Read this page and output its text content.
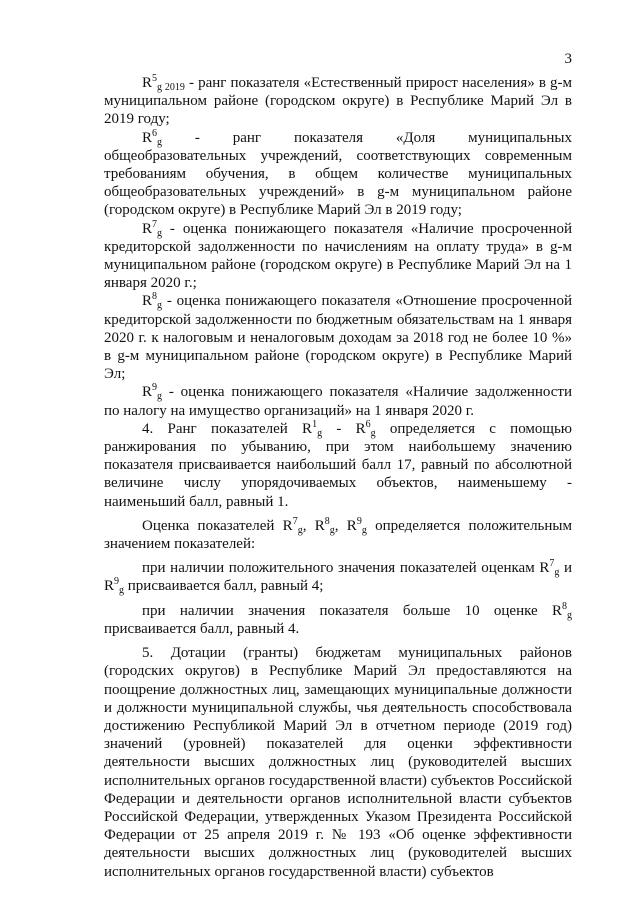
3

$R^5_{g 2019}$ - ранг показателя «Естественный прирост населения» в g-м муниципальном районе (городском округе) в Республике Марий Эл в 2019 году;

$R^6_g$ - ранг показателя «Доля муниципальных общеобразовательных учреждений, соответствующих современным требованиям обучения, в общем количестве муниципальных общеобразовательных учреждений» в g-м муниципальном районе (городском округе) в Республике Марий Эл в 2019 году;

$R^7_g$ - оценка понижающего показателя «Наличие просроченной кредиторской задолженности по начислениям на оплату труда» в g-м муниципальном районе (городском округе) в Республике Марий Эл на 1 января 2020 г.;

$R^8_g$ - оценка понижающего показателя «Отношение просроченной кредиторской задолженности по бюджетным обязательствам на 1 января 2020 г. к налоговым и неналоговым доходам за 2018 год не более 10 %» в g-м муниципальном районе (городском округе) в Республике Марий Эл;

$R^9_g$ - оценка понижающего показателя «Наличие задолженности по налогу на имущество организаций» на 1 января 2020 г.

4. Ранг показателей $R^1_g - R^6_g$ определяется с помощью ранжирования по убыванию, при этом наибольшему значению показателя присваивается наибольший балл 17, равный по абсолютной величине числу упорядочиваемых объектов, наименьшему - наименьший балл, равный 1.

Оценка показателей $R^7_g$, $R^8_g$, $R^9_g$ определяется положительным значением показателей:

при наличии положительного значения показателей оценкам $R^7_g$ и $R^9_g$ присваивается балл, равный 4;

при наличии значения показателя больше 10 оценке $R^8_g$ присваивается балл, равный 4.

5. Дотации (гранты) бюджетам муниципальных районов (городских округов) в Республике Марий Эл предоставляются на поощрение должностных лиц, замещающих муниципальные должности и должности муниципальной службы, чья деятельность способствовала достижению Республикой Марий Эл в отчетном периоде (2019 год) значений (уровней) показателей для оценки эффективности деятельности высших должностных лиц (руководителей высших исполнительных органов государственной власти) субъектов Российской Федерации и деятельности органов исполнительной власти субъектов Российской Федерации, утвержденных Указом Президента Российской Федерации от 25 апреля 2019 г. № 193 «Об оценке эффективности деятельности высших должностных лиц (руководителей высших исполнительных органов государственной власти) субъектов
